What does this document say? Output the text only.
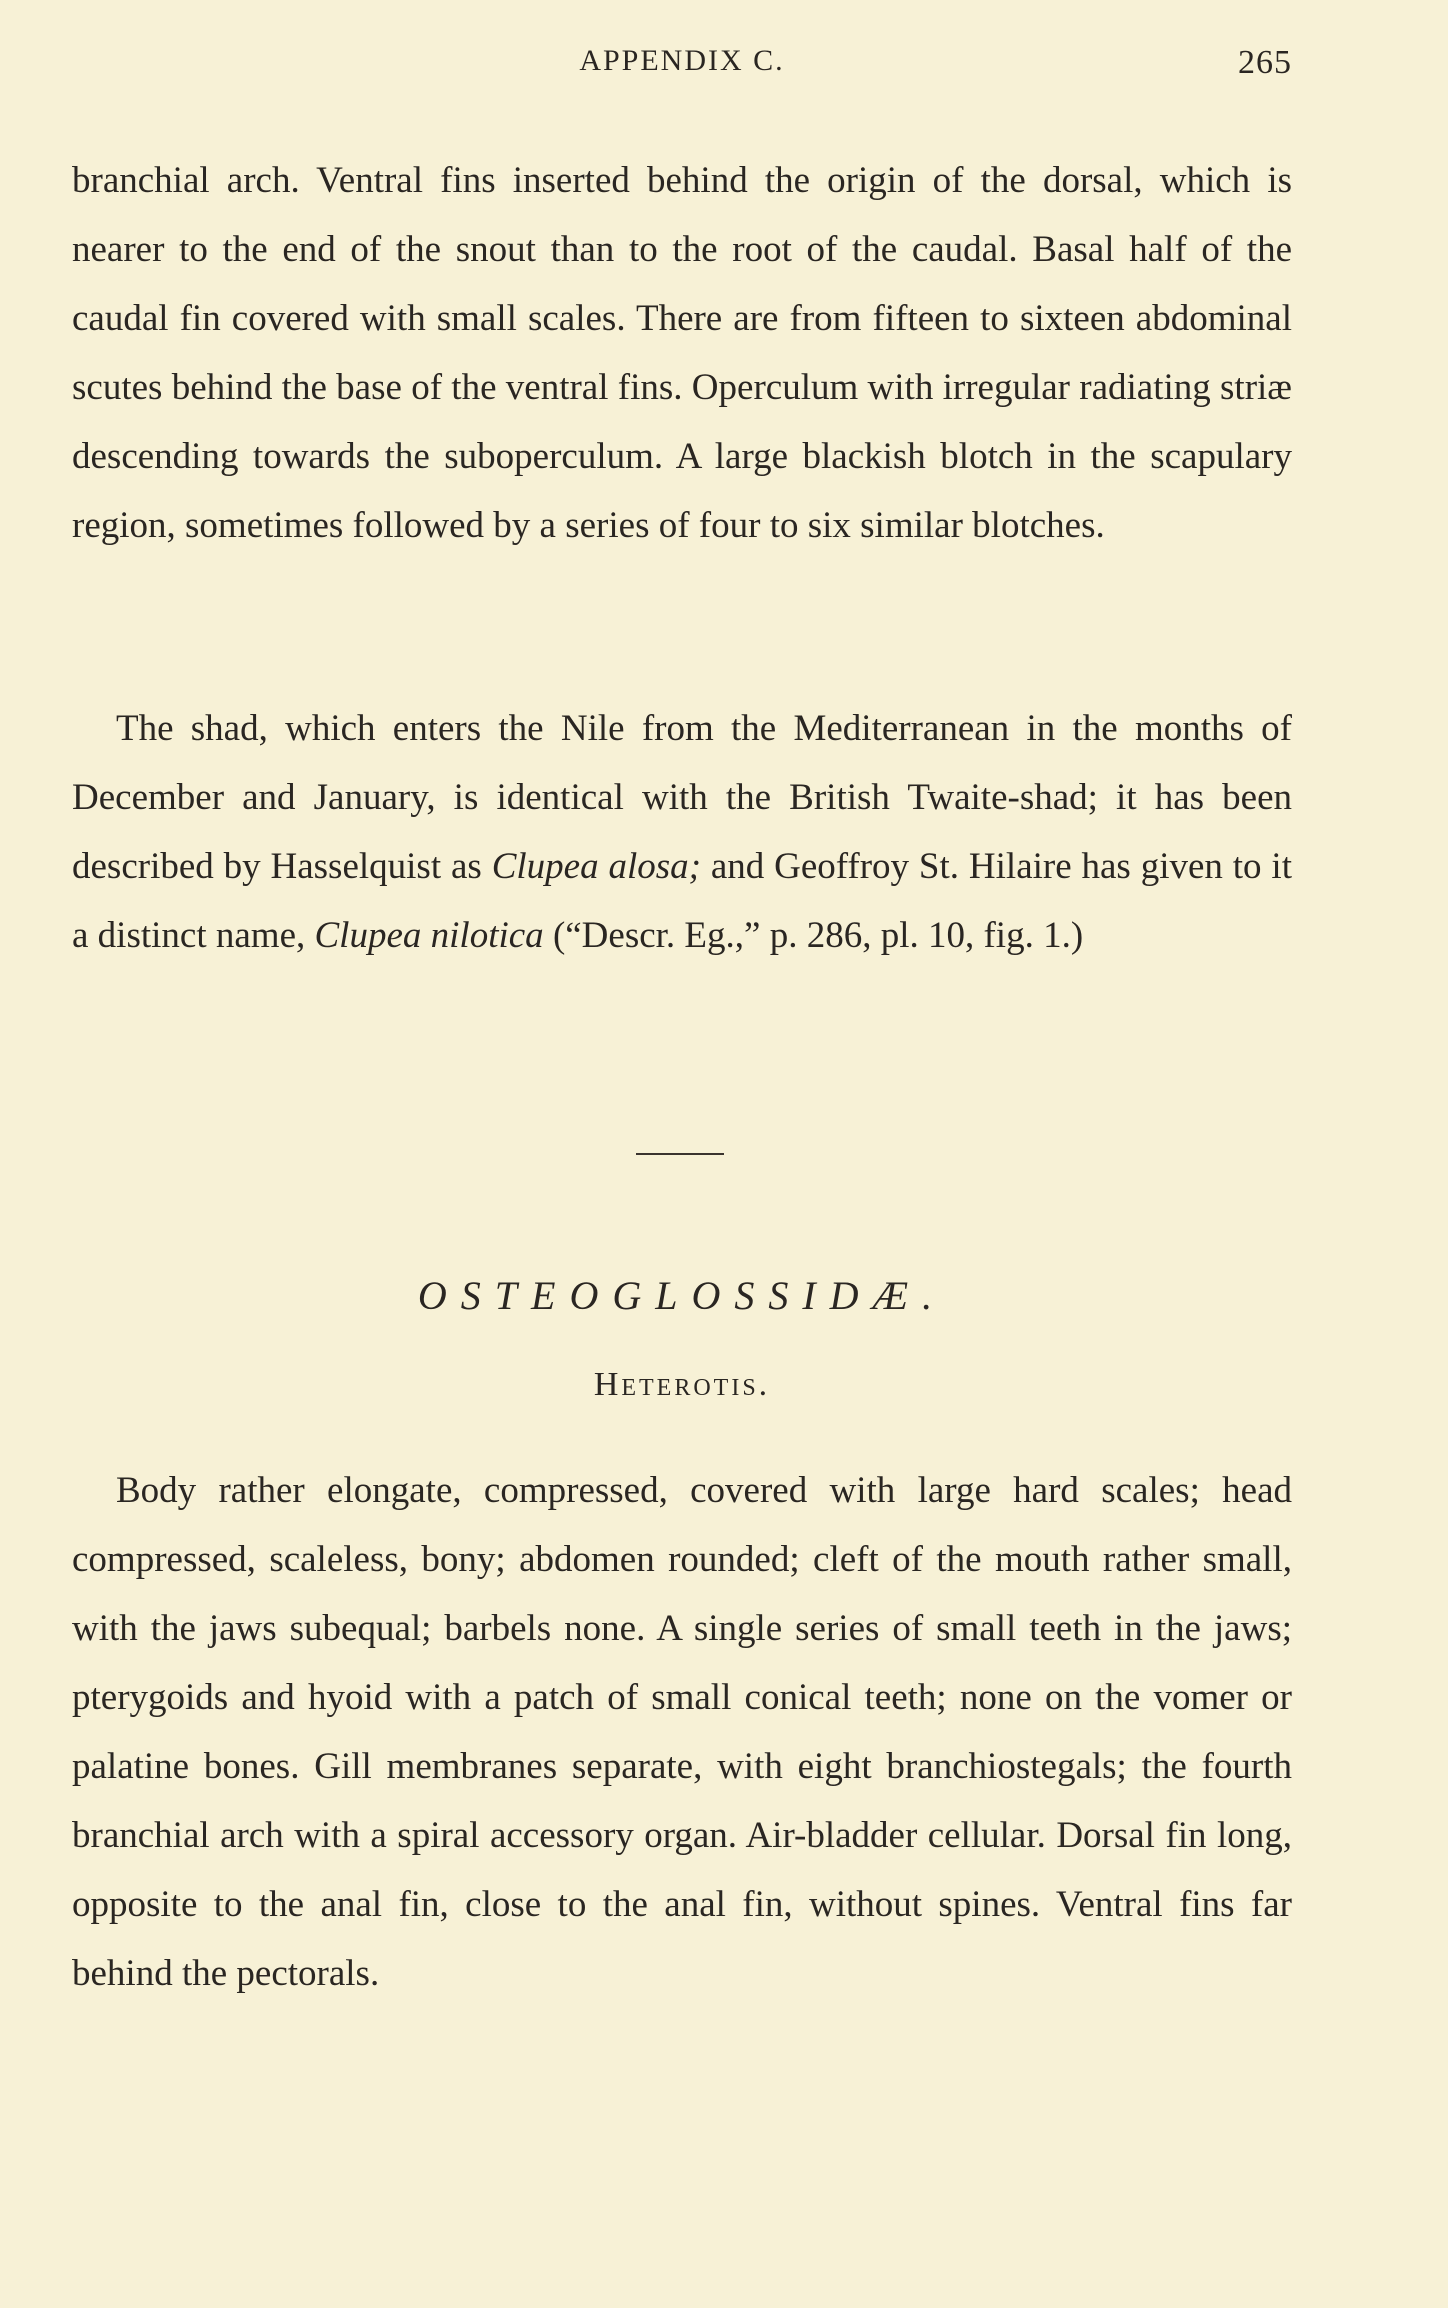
APPENDIX C.	265

branchial arch. Ventral fins inserted behind the origin of the dorsal, which is nearer to the end of the snout than to the root of the caudal. Basal half of the caudal fin covered with small scales. There are from fifteen to sixteen abdominal scutes behind the base of the ventral fins. Operculum with irregular radiating striæ descending towards the suboperculum. A large blackish blotch in the scapulary region, sometimes followed by a series of four to six similar blotches.

The shad, which enters the Nile from the Mediterranean in the months of December and January, is identical with the British Twaite-shad; it has been described by Hasselquist as Clupea alosa; and Geoffroy St. Hilaire has given to it a distinct name, Clupea nilotica (“Descr. Eg.,” p. 286, pl. 10, fig. 1.)

OSTEOGLOSSIDÆ.
Heterotis.

Body rather elongate, compressed, covered with large hard scales; head compressed, scaleless, bony; abdomen rounded; cleft of the mouth rather small, with the jaws subequal; barbels none. A single series of small teeth in the jaws; pterygoids and hyoid with a patch of small conical teeth; none on the vomer or palatine bones. Gill membranes separate, with eight branchiostegals; the fourth branchial arch with a spiral accessory organ. Air-bladder cellular. Dorsal fin long, opposite to the anal fin, close to the anal fin, without spines. Ventral fins far behind the pectorals.
